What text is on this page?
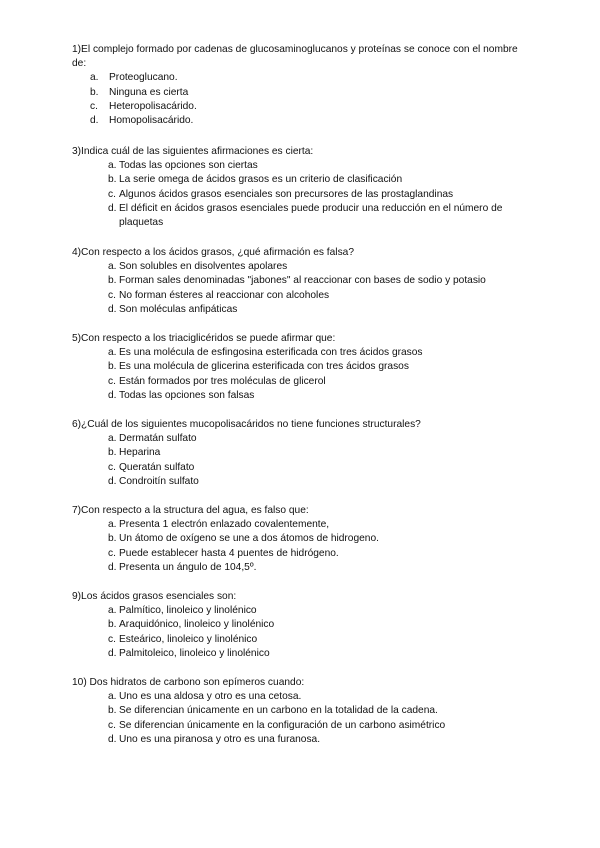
1)El complejo formado por cadenas de glucosaminoglucanos y proteínas se conoce con el nombre de:

a.	Proteoglucano.
b.	Ninguna es cierta
c.	Heteropolisacárido.
d.	Homopolisacárido.

3)Indica cuál de las siguientes afirmaciones es cierta:

a. Todas las opciones son ciertas
b. La serie omega de ácidos grasos es un criterio de clasificación
c. Algunos ácidos grasos esenciales son precursores de las prostaglandinas
d. El déficit en ácidos grasos esenciales puede producir una reducción en el número de plaquetas

4)Con respecto a los ácidos grasos, ¿qué afirmación es falsa?

a. Son solubles en disolventes apolares
b. Forman sales denominadas "jabones" al reaccionar con bases de sodio y potasio
c. No forman ésteres al reaccionar con alcoholes
d. Son moléculas anfipáticas

5)Con respecto a los triaciglicéridos se puede afirmar que:

a. Es una molécula de esfingosina esterificada con tres ácidos grasos
b. Es una molécula de glicerina esterificada con tres ácidos grasos
c. Están formados por tres moléculas de glicerol
d. Todas las opciones son falsas

6)¿Cuál de los siguientes mucopolisacáridos no tiene funciones structurales?

a. Dermatán sulfato
b. Heparina
c. Queratán sulfato
d. Condroitín sulfato

7)Con respecto a la structura del agua, es falso que:

a. Presenta 1 electrón enlazado covalentemente,
b. Un átomo de oxígeno se une a dos átomos de hidrogeno.
c. Puede establecer hasta 4 puentes de hidrógeno.
d. Presenta un ángulo de 104,5º.

9)Los ácidos grasos esenciales son:

a. Palmítico, linoleico y linolénico
b. Araquidónico, linoleico y linolénico
c. Esteárico, linoleico y linolénico
d. Palmitoleico, linoleico y linolénico

10) Dos hidratos de carbono son epímeros cuando:

a. Uno es una aldosa y otro es una cetosa.
b. Se diferencian únicamente en un carbono en la totalidad de la cadena.
c. Se diferencian únicamente en la configuración de un carbono asimétrico
d. Uno es una piranosa y otro es una furanosa.
